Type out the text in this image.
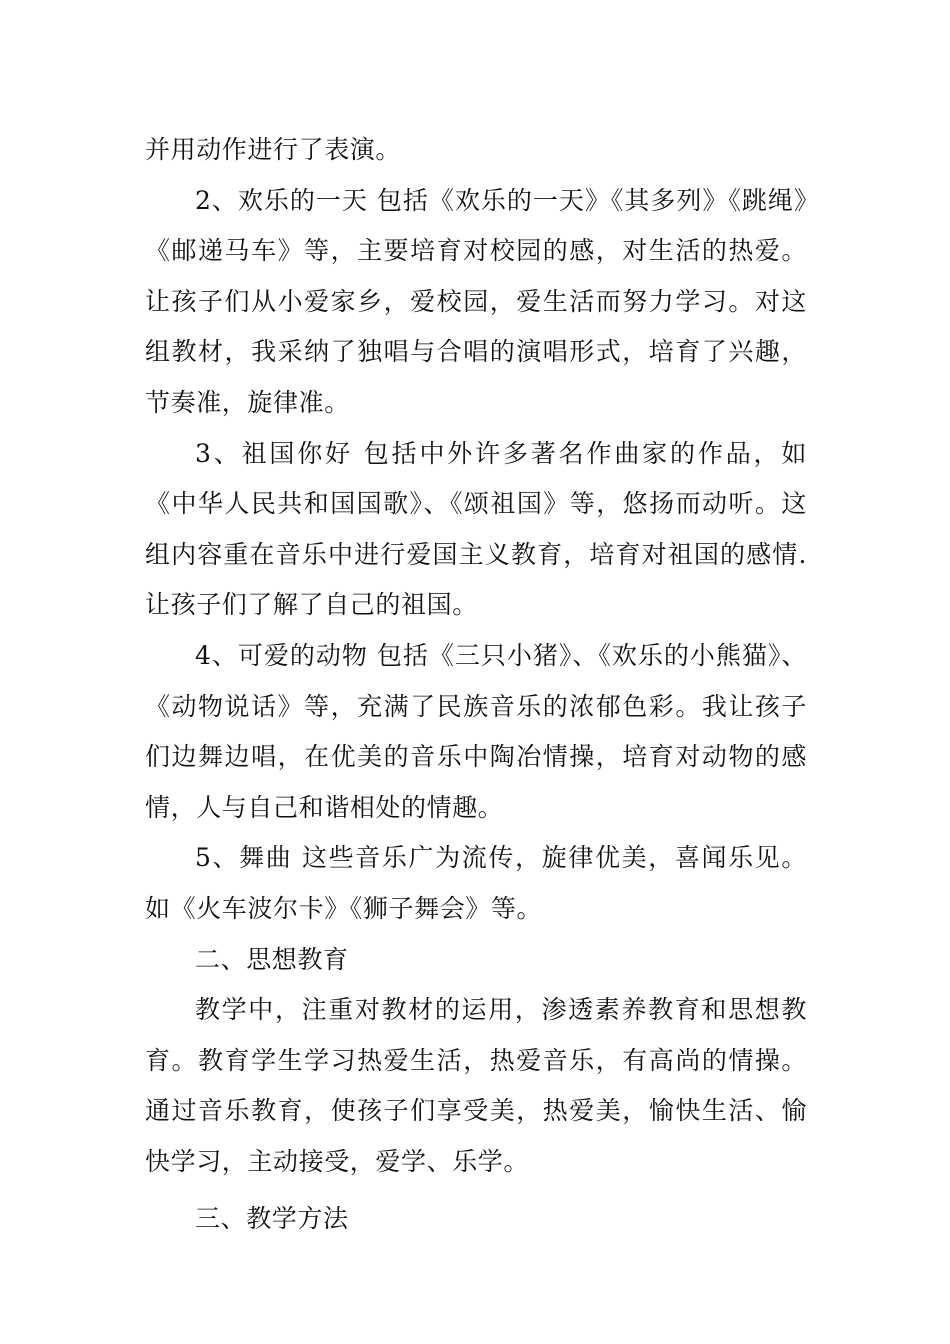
并用动作进行了表演。

2、欢乐的一天 包括《欢乐的一天》《其多列》《跳绳》《邮递马车》等，主要培育对校园的感，对生活的热爱。让孩子们从小爱家乡，爱校园，爱生活而努力学习。对这组教材，我采纳了独唱与合唱的演唱形式，培育了兴趣，节奏准，旋律准。

3、祖国你好 包括中外许多著名作曲家的作品，如《中华人民共和国国歌》、《颂祖国》等，悠扬而动听。这组内容重在音乐中进行爱国主义教育，培育对祖国的感情.让孩子们了解了自己的祖国。

4、可爱的动物 包括《三只小猪》、《欢乐的小熊猫》、《动物说话》等，充满了民族音乐的浓郁色彩。我让孩子们边舞边唱，在优美的音乐中陶冶情操，培育对动物的感情，人与自己和谐相处的情趣。

5、舞曲 这些音乐广为流传，旋律优美，喜闻乐见。如《火车波尔卡》《狮子舞会》等。

二、思想教育

教学中，注重对教材的运用，渗透素养教育和思想教育。教育学生学习热爱生活，热爱音乐，有高尚的情操。通过音乐教育，使孩子们享受美，热爱美，愉快生活、愉快学习，主动接受，爱学、乐学。

三、教学方法
